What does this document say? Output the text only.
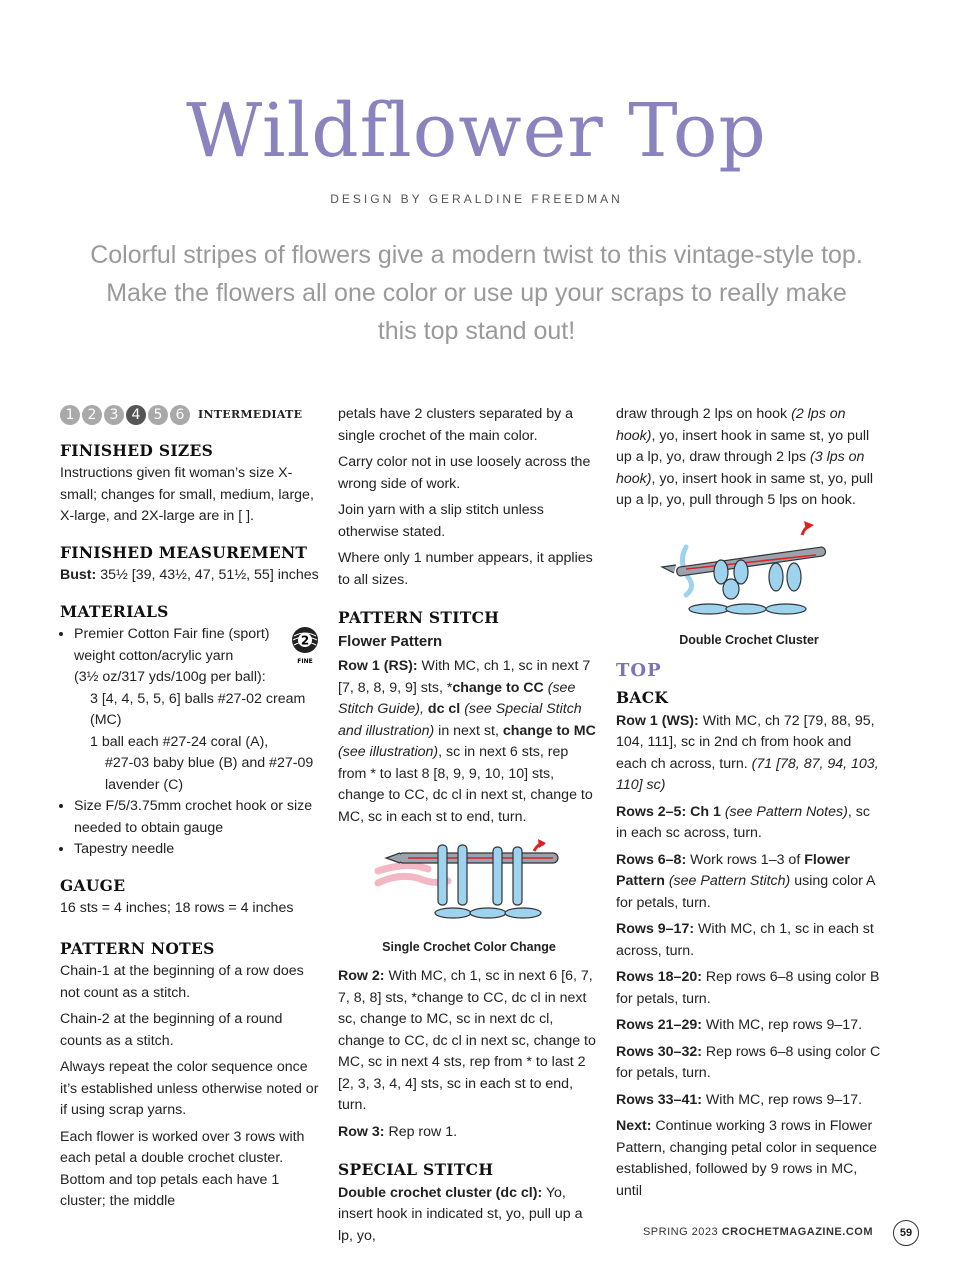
Wildflower Top
DESIGN BY GERALDINE FREEDMAN
Colorful stripes of flowers give a modern twist to this vintage-style top. Make the flowers all one color or use up your scraps to really make this top stand out!
1 2 3 4 5 6	INTERMEDIATE
FINISHED SIZES

Instructions given fit woman’s size X-small; changes for small, medium, large, X-large, and 2X-large are in [ ].

FINISHED MEASUREMENT

Bust: 35½ [39, 43½, 47, 51½, 55] inches

MATERIALS
2
FINE
• Premier Cotton Fair fine (sport) weight cotton/acrylic yarn
(3½ oz/317 yds/100g per ball):
3 [4, 4, 5, 5, 6] balls #27-02 cream (MC)
1 ball each #27-24 coral (A),
#27-03 baby blue (B) and #27-09 lavender (C)
• Size F/5/3.75mm crochet hook or size needed to obtain gauge
• Tapestry needle
GAUGE

16 sts = 4 inches; 18 rows = 4 inches

PATTERN NOTES

Chain-1 at the beginning of a row does not count as a stitch.

Chain-2 at the beginning of a round counts as a stitch.

Always repeat the color sequence once it’s established unless otherwise noted or if using scrap yarns.

Each flower is worked over 3 rows with each petal a double crochet cluster. Bottom and top petals each have 1 cluster; the middle

petals have 2 clusters separated by a single crochet of the main color.

Carry color not in use loosely across the wrong side of work.

Join yarn with a slip stitch unless otherwise stated.

Where only 1 number appears, it applies to all sizes.

PATTERN STITCH
Flower Pattern

Row 1 (RS): With MC, ch 1, sc in next 7 [7, 8, 8, 9, 9] sts, *change to CC (see Stitch Guide), dc cl (see Special Stitch and illustration) in next st, change to MC (see illustration), sc in next 6 sts, rep from * to last 8 [8, 9, 9, 10, 10] sts, change to CC, dc cl in next st, change to MC, sc in each st to end, turn.

Single Crochet Color Change

Row 2: With MC, ch 1, sc in next 6 [6, 7, 7, 8, 8] sts, *change to CC, dc cl in next sc, change to MC, sc in next dc cl, change to CC, dc cl in next sc, change to MC, sc in next 4 sts, rep from * to last 2 [2, 3, 3, 4, 4] sts, sc in each st to end, turn.

Row 3: Rep row 1.

SPECIAL STITCH

Double crochet cluster (dc cl): Yo, insert hook in indicated st, yo, pull up a lp, yo,

draw through 2 lps on hook (2 lps on hook), yo, insert hook in same st, yo pull up a lp, yo, draw through 2 lps (3 lps on hook), yo, insert hook in same st, yo, pull up a lp, yo, pull through 5 lps on hook.

Double Crochet Cluster
TOP
BACK

Row 1 (WS): With MC, ch 72 [79, 88, 95, 104, 111], sc in 2nd ch from hook and each ch across, turn. (71 [78, 87, 94, 103, 110] sc)

Rows 2–5: Ch 1 (see Pattern Notes), sc in each sc across, turn.

Rows 6–8: Work rows 1–3 of Flower Pattern (see Pattern Stitch) using color A for petals, turn.

Rows 9–17: With MC, ch 1, sc in each st across, turn.

Rows 18–20: Rep rows 6–8 using color B for petals, turn.

Rows 21–29: With MC, rep rows 9–17.

Rows 30–32: Rep rows 6–8 using color C for petals, turn.

Rows 33–41: With MC, rep rows 9–17.

Next: Continue working 3 rows in Flower Pattern, changing petal color in sequence established, followed by 9 rows in MC, until

SPRING 2023 CROCHETMAGAZINE.COM	59
